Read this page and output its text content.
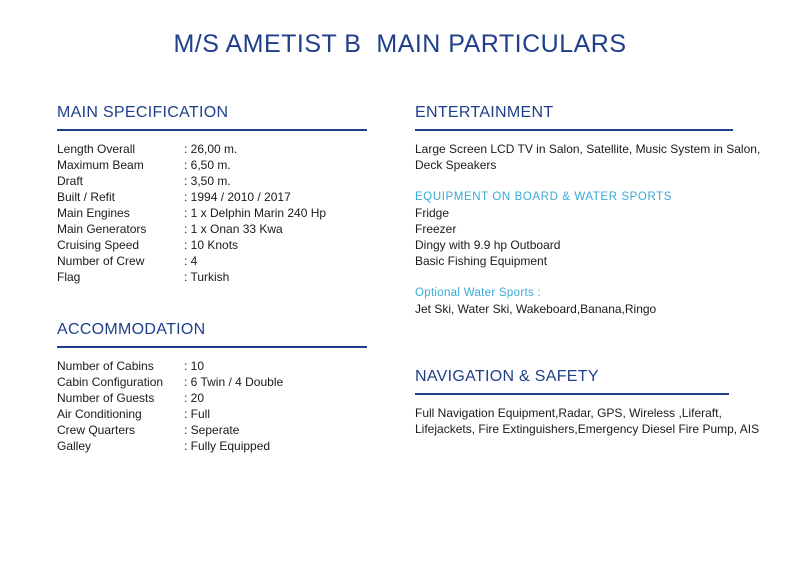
M/S AMETIST B  MAIN PARTICULARS
MAIN SPECIFICATION
Length Overall	: 26,00 m.
Maximum Beam	: 6,50 m.
Draft	: 3,50 m.
Built / Refit	: 1994 / 2010 / 2017
Main Engines	: 1 x Delphin Marin 240 Hp
Main Generators	: 1 x Onan 33 Kwa
Cruising Speed	: 10 Knots
Number of Crew	: 4
Flag	: Turkish
ACCOMMODATION
Number of Cabins	: 10
Cabin Configuration	: 6 Twin / 4 Double
Number of Guests	: 20
Air Conditioning	: Full
Crew Quarters	: Seperate
Galley	: Fully Equipped
ENTERTAINMENT
Large Screen LCD TV in Salon, Satellite, Music System in Salon,
Deck Speakers
EQUIPMENT ON BOARD & WATER SPORTS
Fridge
Freezer
Dingy with 9.9 hp Outboard
Basic Fishing Equipment
Optional Water Sports :
Jet Ski, Water Ski, Wakeboard,Banana,Ringo
NAVIGATION & SAFETY
Full Navigation Equipment,Radar, GPS, Wireless ,Liferaft,
Lifejackets, Fire Extinguishers,Emergency Diesel Fire Pump, AIS
